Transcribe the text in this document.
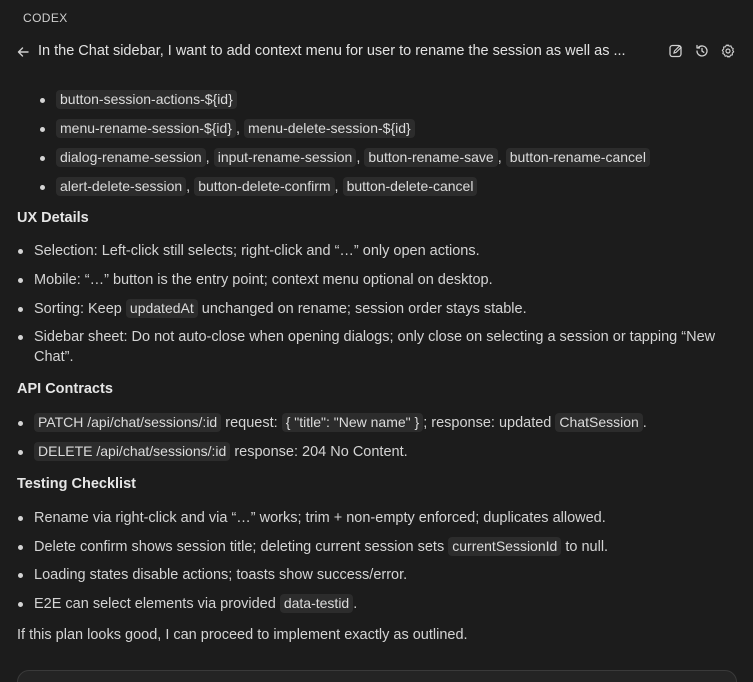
CODEX
In the Chat sidebar, I want to add context menu for user to rename the session as well as ...
button-session-actions-${id}
menu-rename-session-${id} , menu-delete-session-${id}
dialog-rename-session , input-rename-session , button-rename-save , button-rename-cancel
alert-delete-session , button-delete-confirm , button-delete-cancel
UX Details
Selection: Left-click still selects; right-click and “…” only open actions.
Mobile: “…” button is the entry point; context menu optional on desktop.
Sorting: Keep updatedAt unchanged on rename; session order stays stable.
Sidebar sheet: Do not auto-close when opening dialogs; only close on selecting a session or tapping “New Chat”.
API Contracts
PATCH /api/chat/sessions/:id request: { "title": "New name" } ; response: updated ChatSession .
DELETE /api/chat/sessions/:id response: 204 No Content.
Testing Checklist
Rename via right-click and via “…” works; trim + non-empty enforced; duplicates allowed.
Delete confirm shows session title; deleting current session sets currentSessionId to null.
Loading states disable actions; toasts show success/error.
E2E can select elements via provided data-testid .
If this plan looks good, I can proceed to implement exactly as outlined.
